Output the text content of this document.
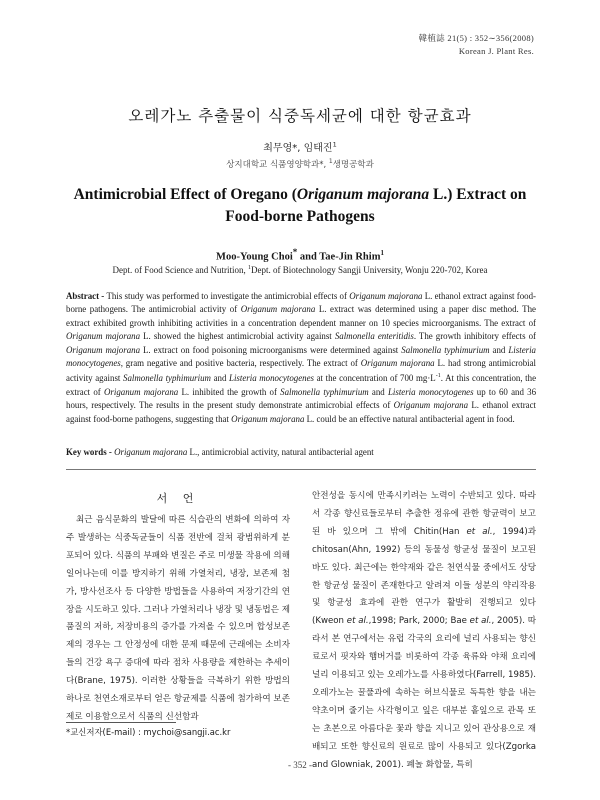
韓植誌 21(5) : 352∼356(2008)
Korean J. Plant Res.
오레가노 추출물이 식중독세균에 대한 항균효과
최무영*, 임태진$^1$
상지대학교 식품영양학과*, $^1$생명공학과
Antimicrobial Effect of Oregano (Origanum majorana L.) Extract on Food-borne Pathogens
Moo-Young Choi* and Tae-Jin Rhim$^1$
Dept. of Food Science and Nutrition, $^1$Dept. of Biotechnology Sangji University, Wonju 220-702, Korea
Abstract - This study was performed to investigate the antimicrobial effects of Origanum majorana L. ethanol extract against food-borne pathogens. The antimicrobial activity of Origanum majorana L. extract was determined using a paper disc method. The extract exhibited growth inhibiting activities in a concentration dependent manner on 10 species microorganisms. The extract of Origanum majorana L. showed the highest antimicrobial activity against Salmonella enteritidis. The growth inhibitory effects of Origanum majorana L. extract on food poisoning microorganisms were determined against Salmonella typhimurium and Listeria monocytogenes, gram negative and positive bacteria, respectively. The extract of Origanum majorana L. had strong antimicrobial activity against Salmonella typhimurium and Listeria monocytogenes at the concentration of 700 $mg\cdot L^{-1}$. At this concentration, the extract of Origanum majorana L. inhibited the growth of Salmonella typhimurium and Listeria monocytogenes up to 60 and 36 hours, respectively. The results in the present study demonstrate antimicrobial effects of Origanum majorana L. ethanol extract against food-borne pathogens, suggesting that Origanum majorana L. could be an effective natural antibacterial agent in food.
Key words - Origanum majorana L., antimicrobial activity, natural antibacterial agent
서 언
최근 음식문화의 발달에 따른 식습관의 변화에 의하여 자주 발생하는 식중독균들이 식품 전반에 걸쳐 광범위하게 분포되어 있다. 식품의 부패와 변질은 주로 미생물 작용에 의해 일어나는데 이를 방지하기 위해 가열처리, 냉장, 보존제 첨가, 방사선조사 등 다양한 방법들을 사용하여 저장기간의 연장을 시도하고 있다. 그러나 가열처리나 냉장 및 냉동법은 제품질의 저하, 저장비용의 증가를 가져올 수 있으며 합성보존제의 경우는 그 안정성에 대한 문제 때문에 근래에는 소비자들의 건강 욕구 증대에 따라 점차 사용량을 제한하는 추세이다(Brane, 1975). 이러한 상황들을 극복하기 위한 방법의 하나로 천연소재로부터 얻은 항균제를 식품에 첨가하여 보존제로 이용함으로서 식품의 신선함과
안전성을 동시에 만족시키려는 노력이 수반되고 있다. 따라서 각종 향신료들로부터 추출한 정유에 관한 항균력이 보고된 바 있으며 그 밖에 Chitin(Han et al., 1994)과 chitosan(Ahn, 1992) 등의 동물성 항균성 물질이 보고된 바도 있다. 최근에는 한약재와 같은 천연식물 중에서도 상당한 항균성 물질이 존재한다고 알려져 이들 성분의 약리작용 및 항균성 효과에 관한 연구가 활발히 진행되고 있다(Kweon et al.,1998; Park, 2000; Bae et al., 2005). 따라서 본 연구에서는 유럽 각국의 요리에 널리 사용되는 향신료로서 핏자와 햄버거를 비롯하여 각종 육류와 야채 요리에 널리 이용되고 있는 오레가노를 사용하였다(Farrell, 1985). 오레가노는 꿀풀과에 속하는 허브식물로 독특한 향을 내는 약초이며 줄기는 사각형이고 잎은 대부분 홑잎으로 관목 또는 초본으로 아름다운 꽃과 향을 지니고 있어 관상용으로 재배되고 또한 향신료의 원료로 많이 사용되고 있다(Zgorka and Glowniak, 2001). 폐놀 화합물, 특히
*교신저자(E-mail) : mychoi@sangji.ac.kr
- 352 -
